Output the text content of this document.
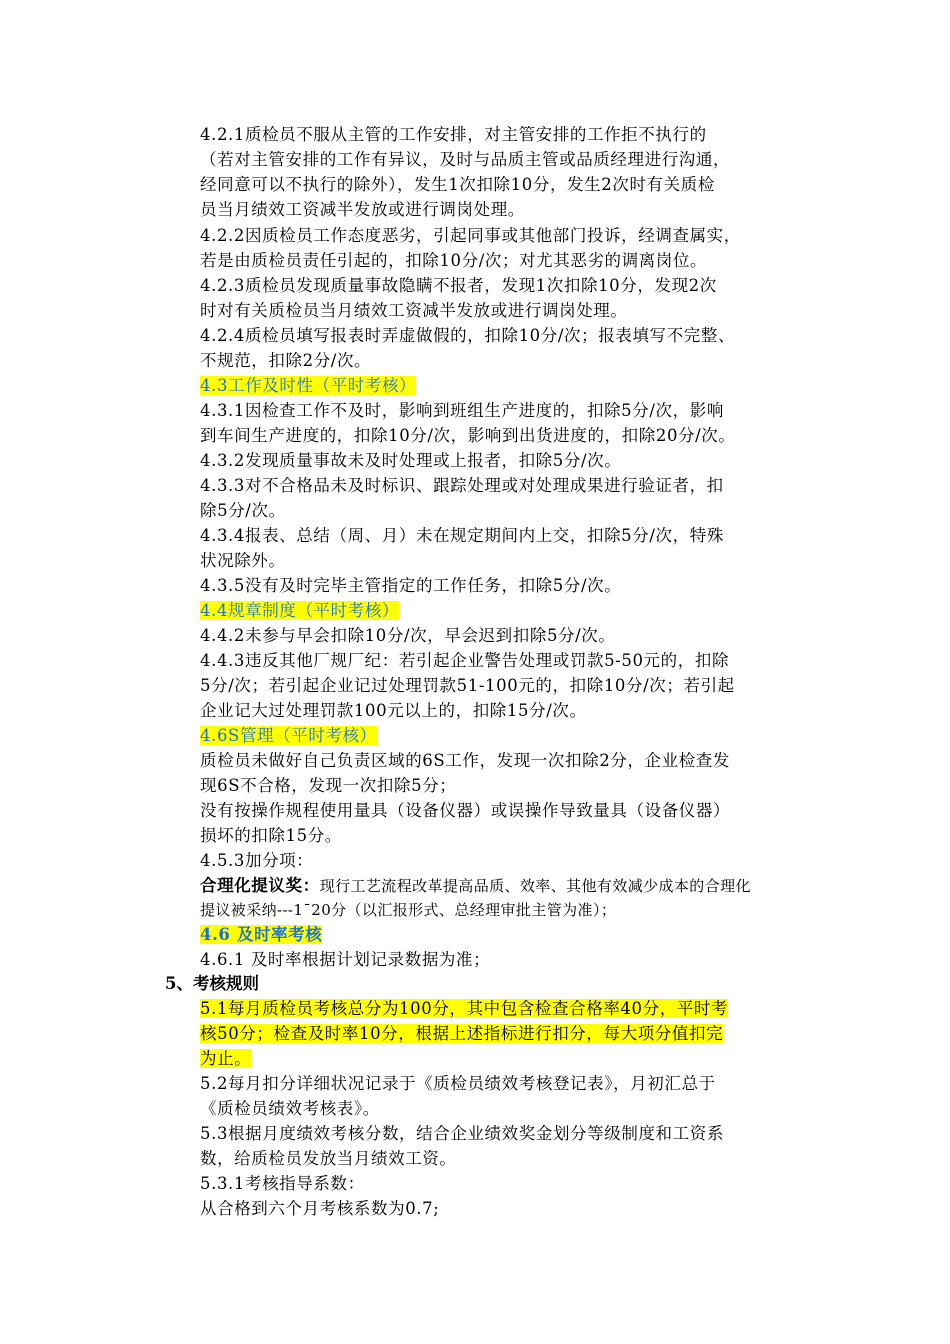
4.2.1质检员不服从主管的工作安排，对主管安排的工作拒不执行的
（若对主管安排的工作有异议，及时与品质主管或品质经理进行沟通，
经同意可以不执行的除外），发生1次扣除10分，发生2次时有关质检
员当月绩效工资减半发放或进行调岗处理。
4.2.2因质检员工作态度恶劣，引起同事或其他部门投诉，经调查属实，
若是由质检员责任引起的，扣除10分/次；对尤其恶劣的调离岗位。
4.2.3质检员发现质量事故隐瞒不报者，发现1次扣除10分，发现2次
时对有关质检员当月绩效工资减半发放或进行调岗处理。
4.2.4质检员填写报表时弄虚做假的，扣除10分/次；报表填写不完整、
不规范，扣除2分/次。
4.3工作及时性（平时考核）
4.3.1因检查工作不及时，影响到班组生产进度的，扣除5分/次，影响
到车间生产进度的，扣除10分/次，影响到出货进度的，扣除20分/次。
4.3.2发现质量事故未及时处理或上报者，扣除5分/次。
4.3.3对不合格品未及时标识、跟踪处理或对处理成果进行验证者，扣
除5分/次。
4.3.4报表、总结（周、月）未在规定期间内上交，扣除5分/次，特殊
状况除外。
4.3.5没有及时完毕主管指定的工作任务，扣除5分/次。
4.4规章制度（平时考核）
4.4.2未参与早会扣除10分/次，早会迟到扣除5分/次。
4.4.3违反其他厂规厂纪：若引起企业警告处理或罚款5-50元的，扣除
5分/次；若引起企业记过处理罚款51-100元的，扣除10分/次；若引起
企业记大过处理罚款100元以上的，扣除15分/次。
4.6S管理（平时考核）
质检员未做好自己负责区域的6S工作，发现一次扣除2分，企业检查发
现6S不合格，发现一次扣除5分；
没有按操作规程使用量具（设备仪器）或误操作导致量具（设备仪器）
损坏的扣除15分。
4.5.3加分项：
合理化提议奖：现行工艺流程改革提高品质、效率、其他有效减少成本的合理化
提议被采纳---1¯20分（以汇报形式、总经理审批主管为准）；
4.6 及时率考核
4.6.1 及时率根据计划记录数据为准；
5、考核规则
5.1每月质检员考核总分为100分，其中包含检查合格率40分，平时考
核50分；检查及时率10分，根据上述指标进行扣分，每大项分值扣完
为止。
5.2每月扣分详细状况记录于《质检员绩效考核登记表》，月初汇总于
《质检员绩效考核表》。
5.3根据月度绩效考核分数，结合企业绩效奖金划分等级制度和工资系
数，给质检员发放当月绩效工资。
5.3.1考核指导系数：
从合格到六个月考核系数为0.7;
